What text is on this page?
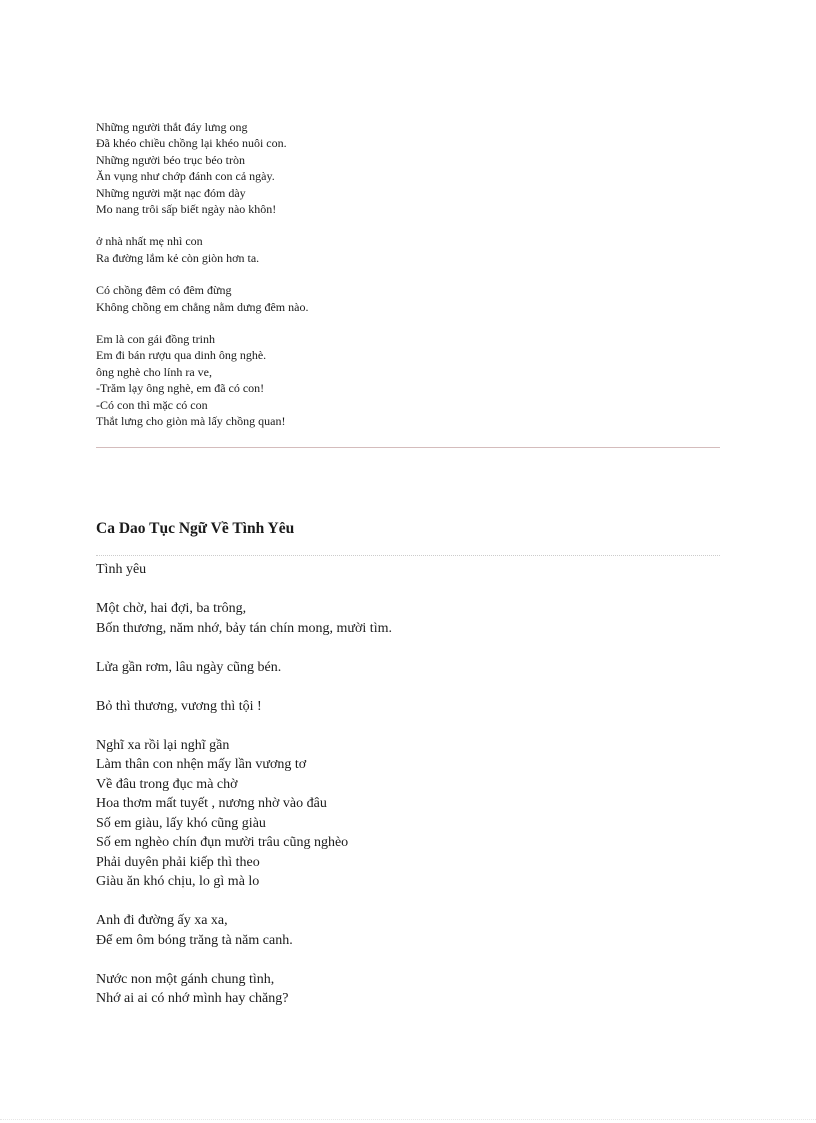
Những người thắt đáy lưng ong
Đã khéo chiều chồng lại khéo nuôi con.
Những người béo trục béo tròn
Ăn vụng như chớp đánh con cả ngày.
Những người mặt nạc đóm dày
Mo nang trôi sấp biết ngày nào khôn!
ở nhà nhất mẹ nhì con
Ra đường lắm kẻ còn giòn hơn ta.
Có chồng đêm có đêm đừng
Không chồng em chẳng nằm dưng đêm nào.
Em là con gái đồng trinh
Em đi bán rượu qua dinh ông nghè.
ông nghè cho lính ra ve,
-Trăm lạy ông nghè, em đã có con!
-Có con thì mặc có con
Thắt lưng cho giòn mà lấy chồng quan!
Ca Dao Tục Ngữ Về Tình Yêu
Tình yêu
Một chờ, hai đợi, ba trông,
Bốn thương, năm nhớ, bảy tán chín mong, mười tìm.
Lửa gần rơm, lâu ngày cũng bén.
Bỏ thì thương, vương thì tội !
Nghĩ xa rồi lại nghĩ gần
Làm thân con nhện mấy lần vương tơ
Về đâu trong đục mà chờ
Hoa thơm mất tuyết , nương nhờ vào đâu
Số em giàu, lấy khó cũng giàu
Số em nghèo chín đụn mười trâu cũng nghèo
Phải duyên phải kiếp thì theo
Giàu ăn khó chịu, lo gì mà lo
Anh đi đường ấy xa xa,
Để em ôm bóng trăng tà năm canh.
Nước non một gánh chung tình,
Nhớ ai ai có nhớ mình hay chăng?
